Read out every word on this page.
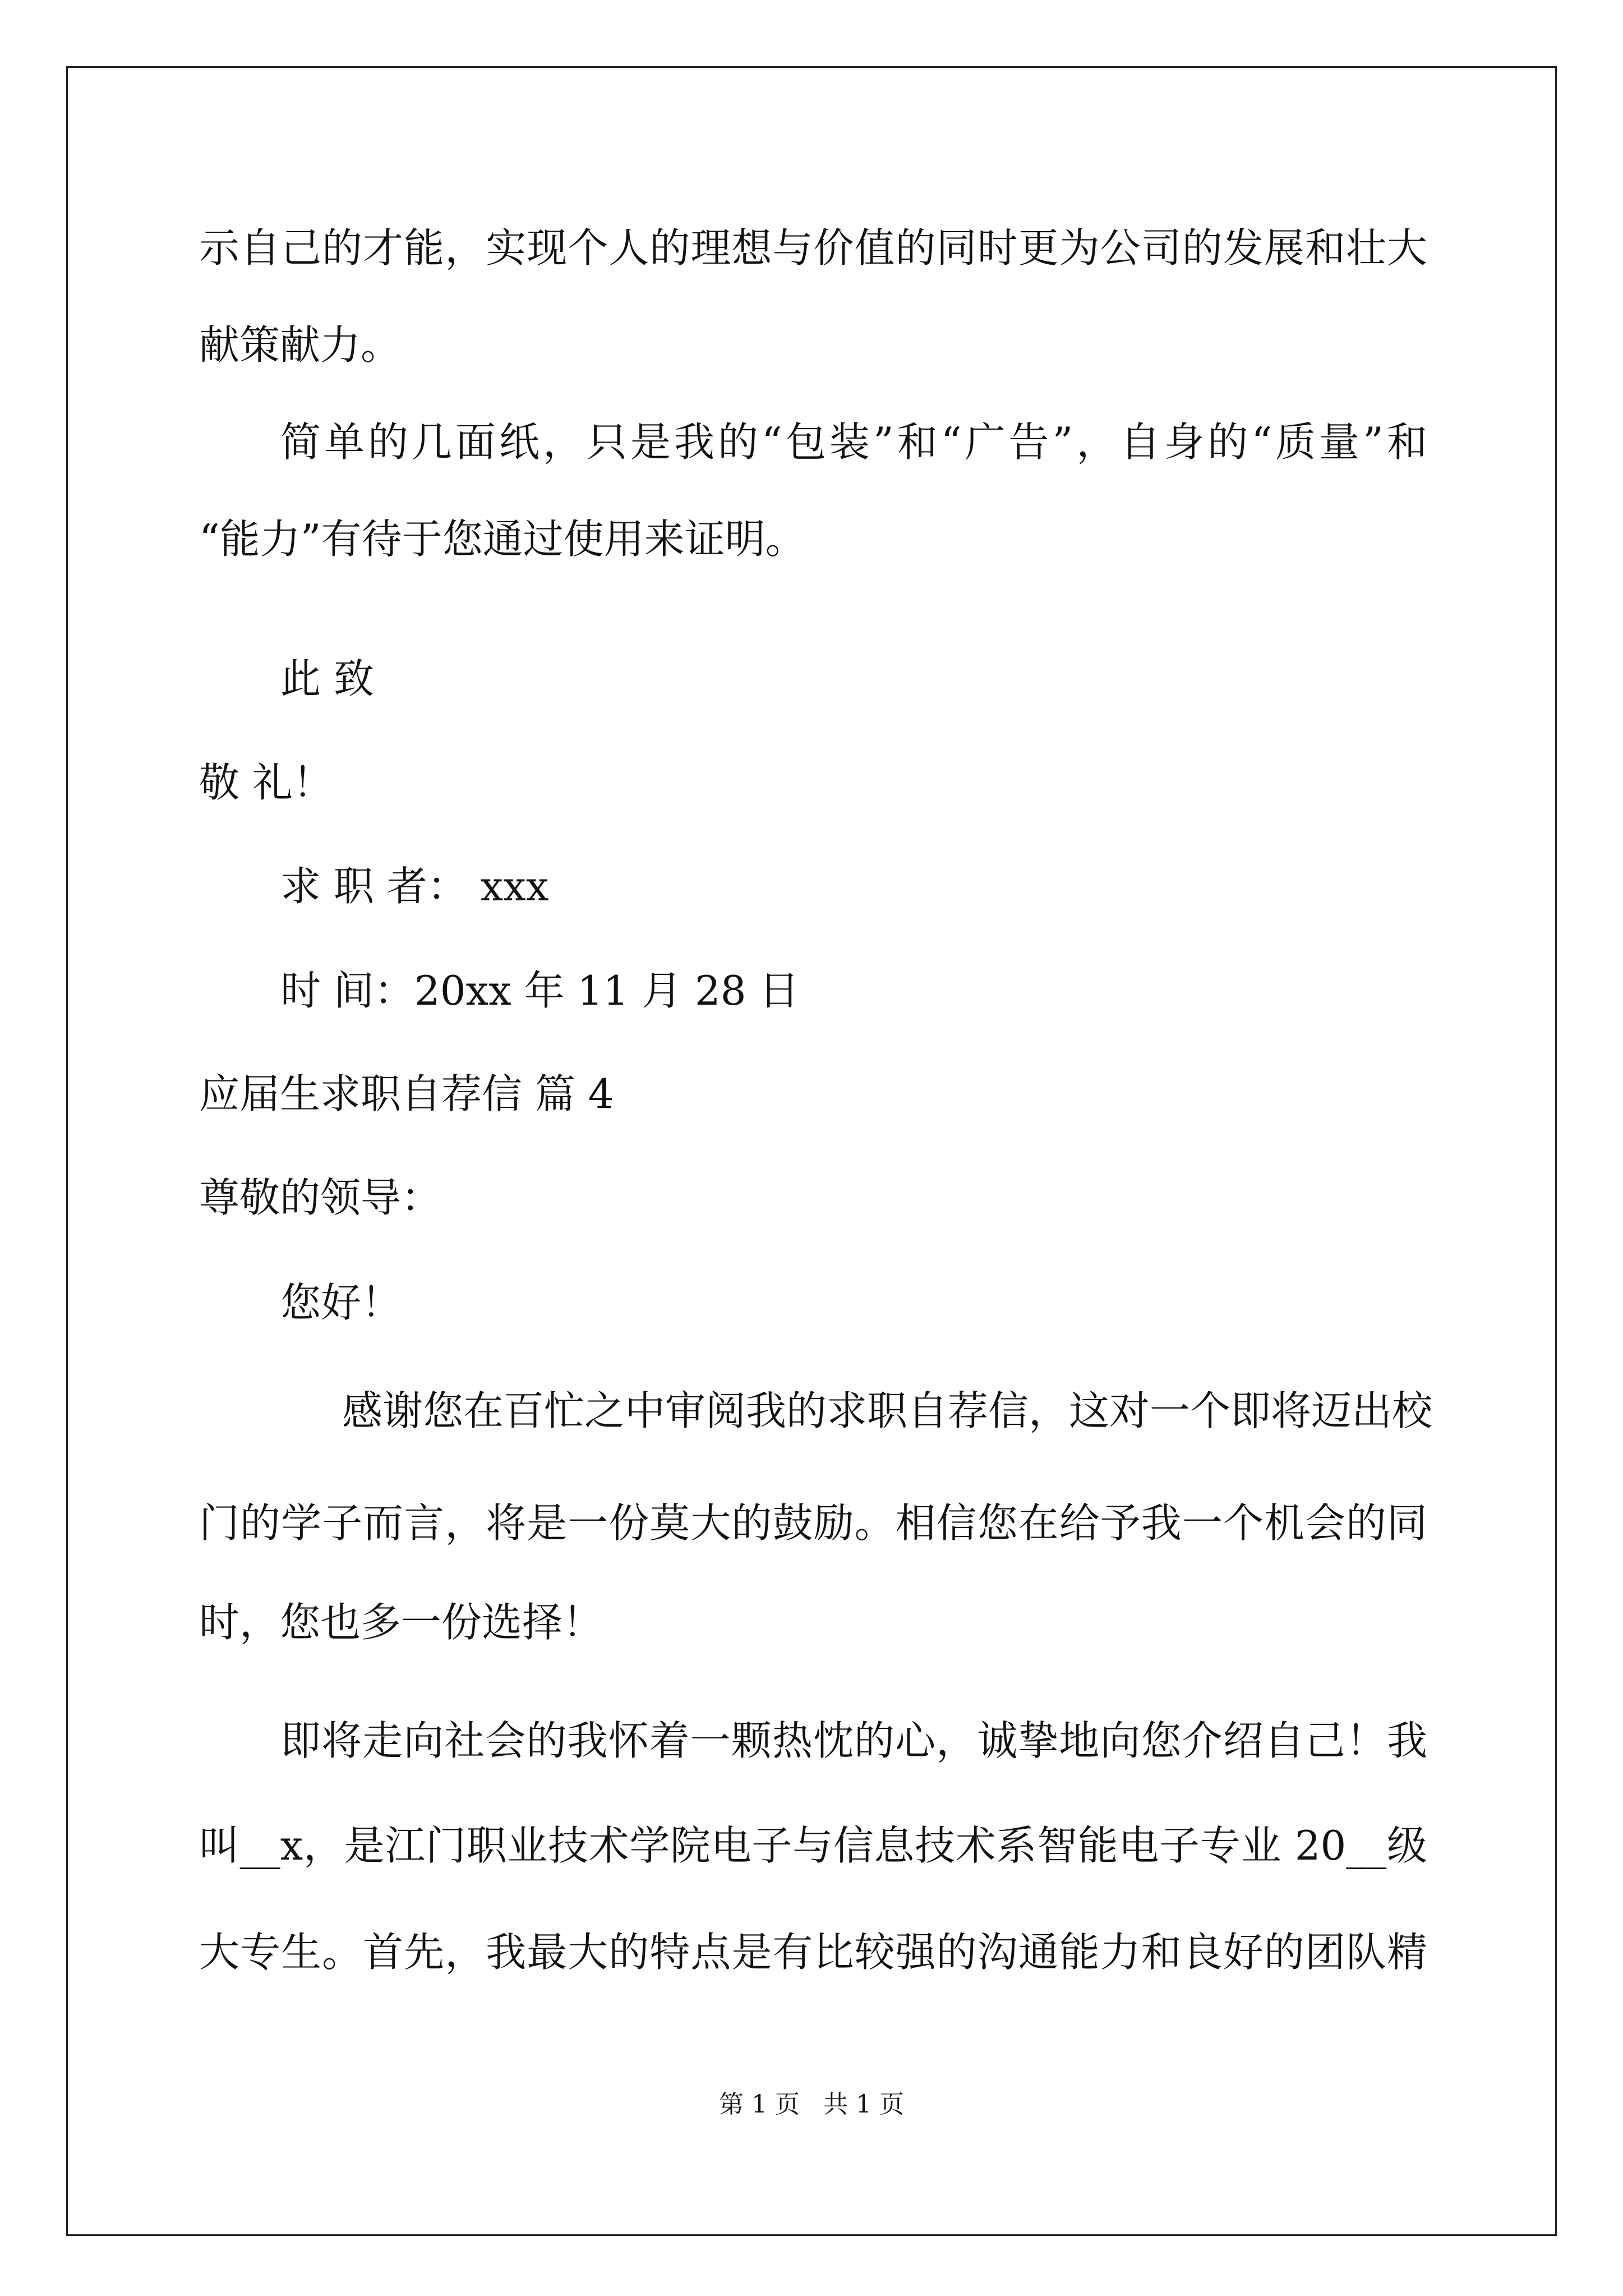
示自己的才能，实现个人的理想与价值的同时更为公司的发展和壮大

献策献力。

简单的几面纸，只是我的“包装”和“广告”，自身的“质量”和

“能力”有待于您通过使用来证明。

此 致

敬 礼！

求 职 者： xxx

时 间：20xx 年 11 月 28 日

应届生求职自荐信 篇 4

尊敬的领导：

您好！

感谢您在百忙之中审阅我的求职自荐信，这对一个即将迈出校

门的学子而言，将是一份莫大的鼓励。相信您在给予我一个机会的同

时，您也多一份选择！

即将走向社会的我怀着一颗热忱的心，诚挚地向您介绍自己！我

叫__x，是江门职业技术学院电子与信息技术系智能电子专业 20__级

大专生。首先，我最大的特点是有比较强的沟通能力和良好的团队精

第 1 页   共 1 页
